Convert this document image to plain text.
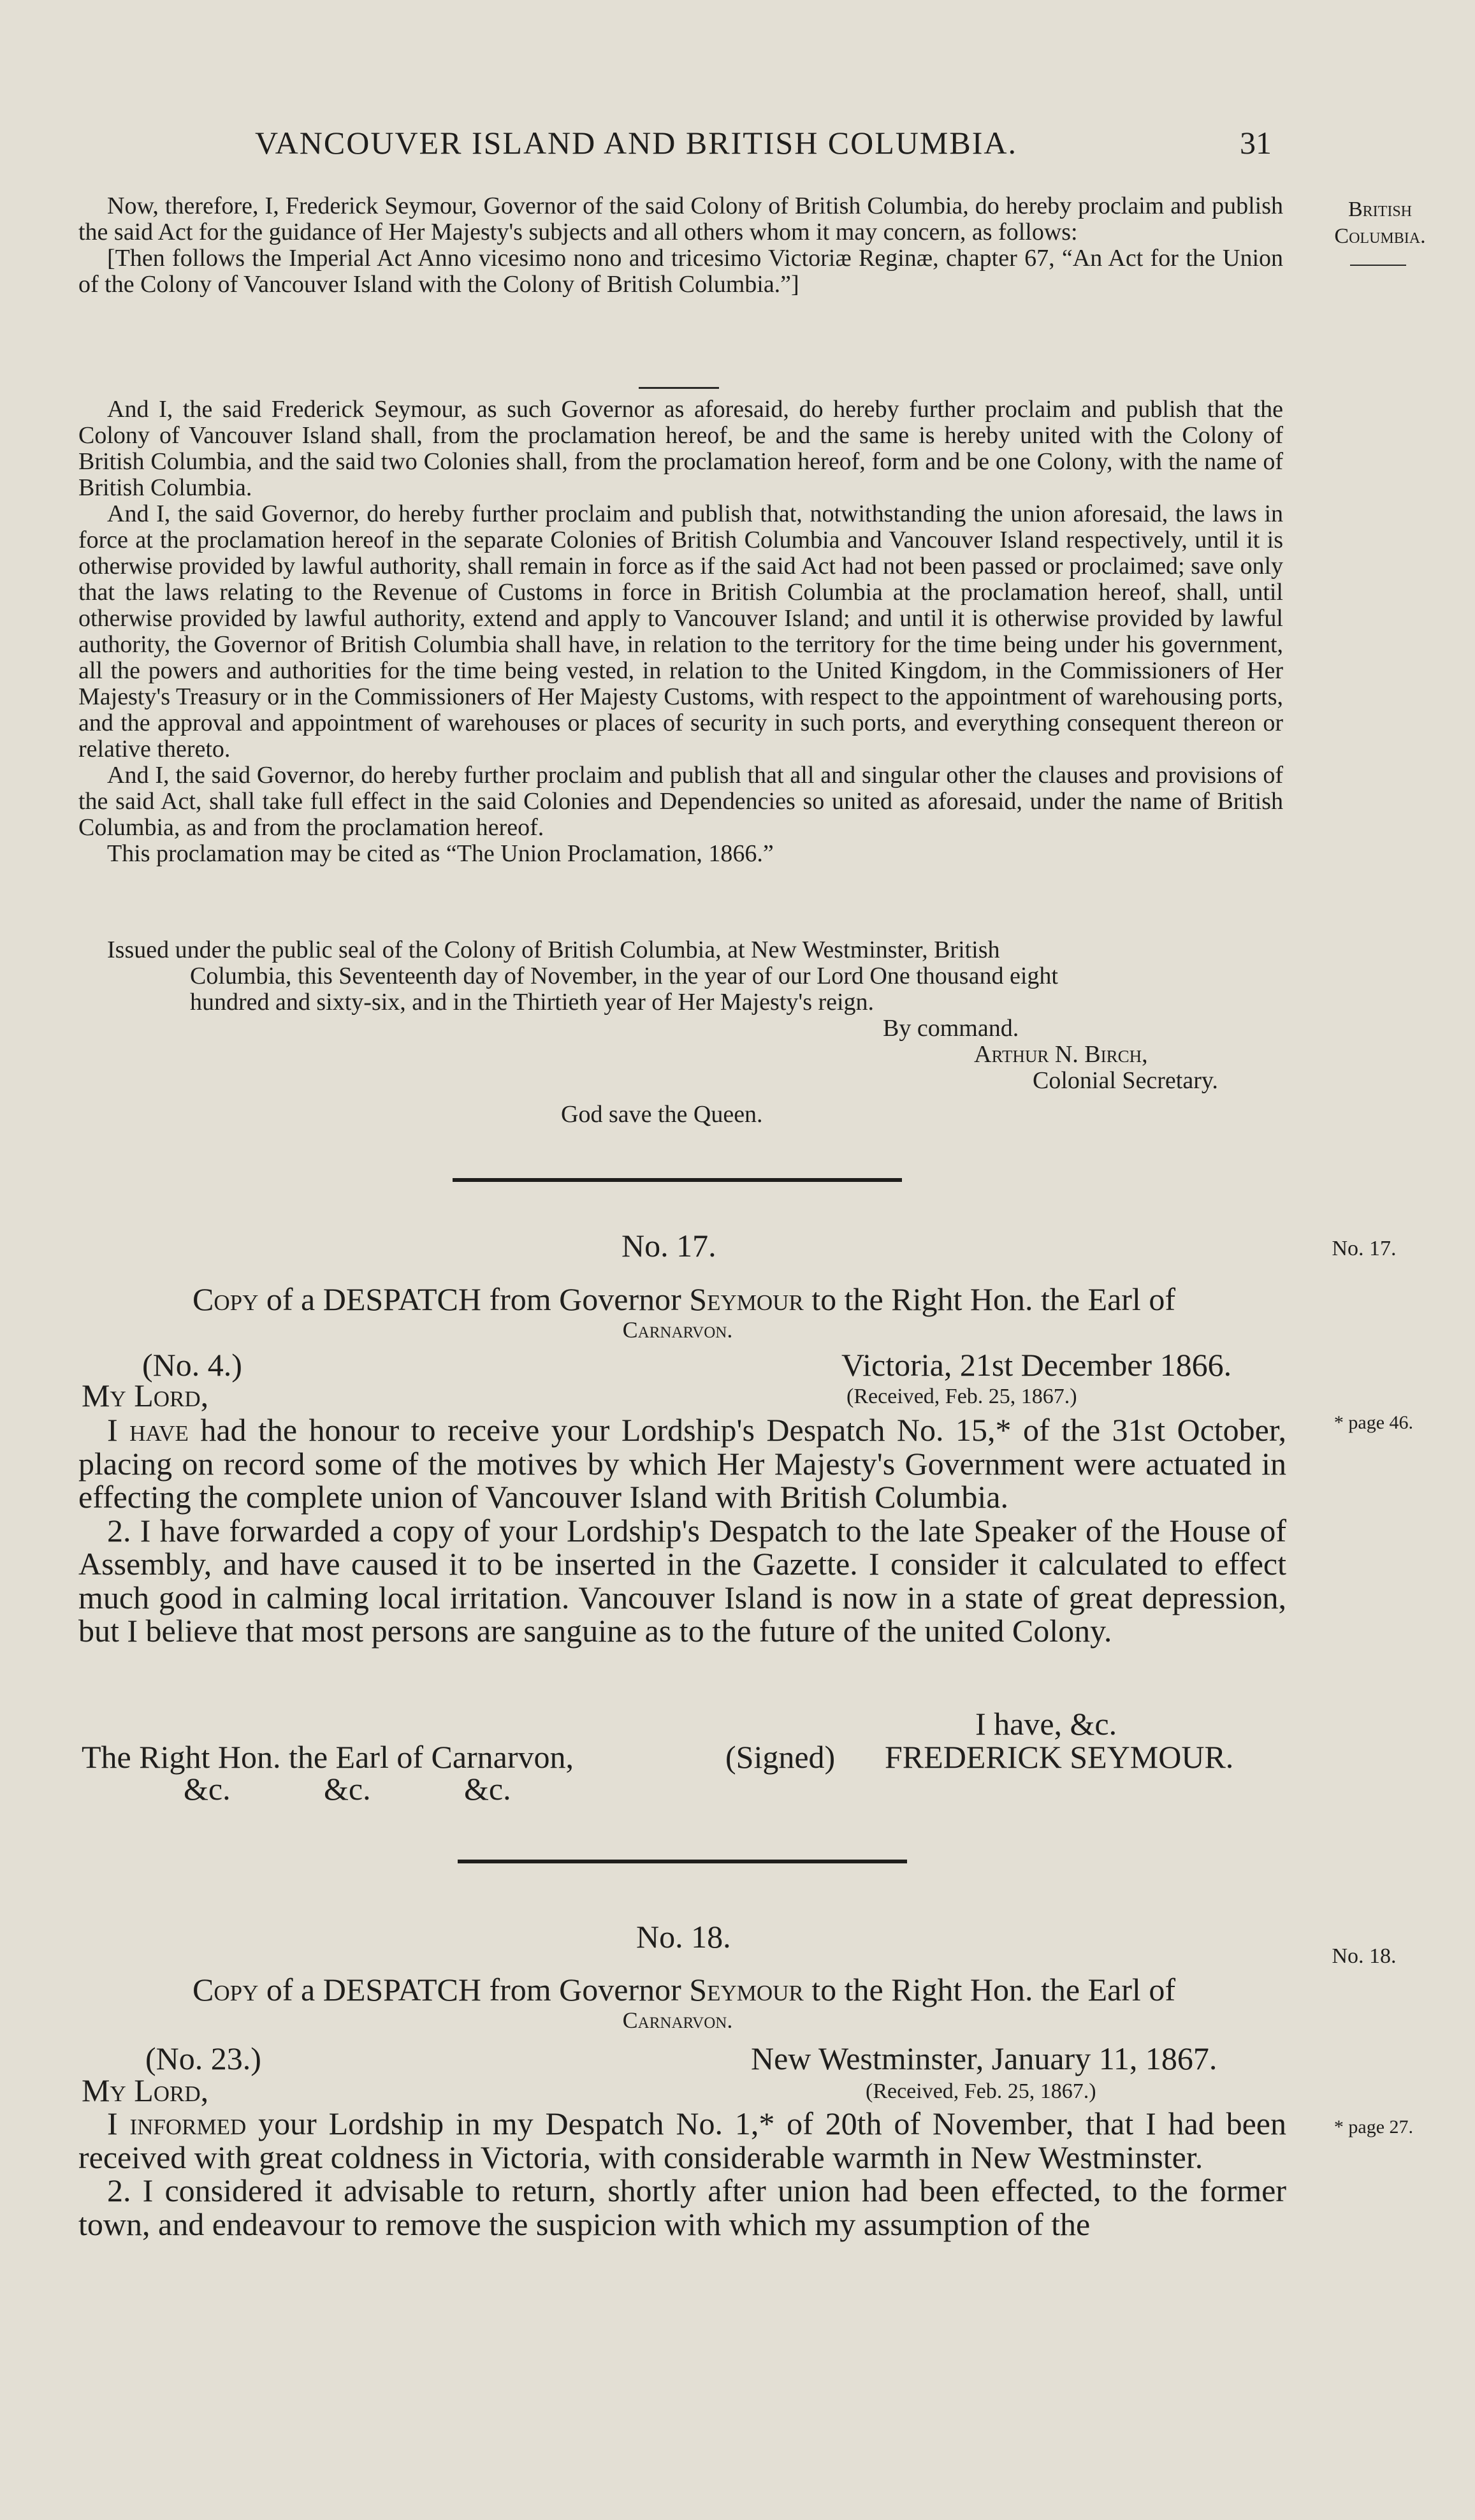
VANCOUVER ISLAND AND BRITISH COLUMBIA.	31
British
Columbia.
No. 17.
* page 46.
No. 18.
* page 27.

Now, therefore, I, Frederick Seymour, Governor of the said Colony of British Columbia, do hereby proclaim and publish the said Act for the guidance of Her Majesty's subjects and all others whom it may concern, as follows:

[Then follows the Imperial Act Anno vicesimo nono and tricesimo Victoriæ Reginæ, chapter 67, “An Act for the Union of the Colony of Vancouver Island with the Colony of British Columbia.”]

And I, the said Frederick Seymour, as such Governor as aforesaid, do hereby further proclaim and publish that the Colony of Vancouver Island shall, from the proclamation hereof, be and the same is hereby united with the Colony of British Columbia, and the said two Colonies shall, from the proclamation hereof, form and be one Colony, with the name of British Columbia.

And I, the said Governor, do hereby further proclaim and publish that, notwithstanding the union aforesaid, the laws in force at the proclamation hereof in the separate Colonies of British Columbia and Vancouver Island respectively, until it is otherwise provided by lawful authority, shall remain in force as if the said Act had not been passed or proclaimed; save only that the laws relating to the Revenue of Customs in force in British Columbia at the proclamation hereof, shall, until otherwise provided by lawful authority, extend and apply to Vancouver Island; and until it is otherwise provided by lawful authority, the Governor of British Columbia shall have, in relation to the territory for the time being under his government, all the powers and authorities for the time being vested, in relation to the United Kingdom, in the Commissioners of Her Majesty's Treasury or in the Commissioners of Her Majesty Customs, with respect to the appointment of warehousing ports, and the approval and appointment of warehouses or places of security in such ports, and everything consequent thereon or relative thereto.

And I, the said Governor, do hereby further proclaim and publish that all and singular other the clauses and provisions of the said Act, shall take full effect in the said Colonies and Dependencies so united as aforesaid, under the name of British Columbia, as and from the proclamation hereof.

This proclamation may be cited as “The Union Proclamation, 1866.”

Issued under the public seal of the Colony of British Columbia, at New Westminster, British
Columbia, this Seventeenth day of November, in the year of our Lord One thousand eight
hundred and sixty-six, and in the Thirtieth year of Her Majesty's reign.
By command.
Arthur N. Birch,
Colonial Secretary.
God save the Queen.
No. 17.
Copy of a DESPATCH from Governor Seymour to the Right Hon. the Earl of
Carnarvon.
(No. 4.)	Victoria, 21st December 1866.
My Lord,	(Received, Feb. 25, 1867.)

I have had the honour to receive your Lordship's Despatch No. 15,* of the 31st October, placing on record some of the motives by which Her Majesty's Government were actuated in effecting the complete union of Vancouver Island with British Columbia.

2. I have forwarded a copy of your Lordship's Despatch to the late Speaker of the House of Assembly, and have caused it to be inserted in the Gazette. I consider it calculated to effect much good in calming local irritation. Vancouver Island is now in a state of great depression, but I believe that most persons are sanguine as to the future of the united Colony.

I have, &c.
The Right Hon. the Earl of Carnarvon,	(Signed) FREDERICK SEYMOUR.
&c.	&c.	&c.
No. 18.
Copy of a DESPATCH from Governor Seymour to the Right Hon. the Earl of
Carnarvon.
(No. 23.)	New Westminster, January 11, 1867.
My Lord,	(Received, Feb. 25, 1867.)

I informed your Lordship in my Despatch No. 1,* of 20th of November, that I had been received with great coldness in Victoria, with considerable warmth in New Westminster.

2. I considered it advisable to return, shortly after union had been effected, to the former town, and endeavour to remove the suspicion with which my assumption of the
